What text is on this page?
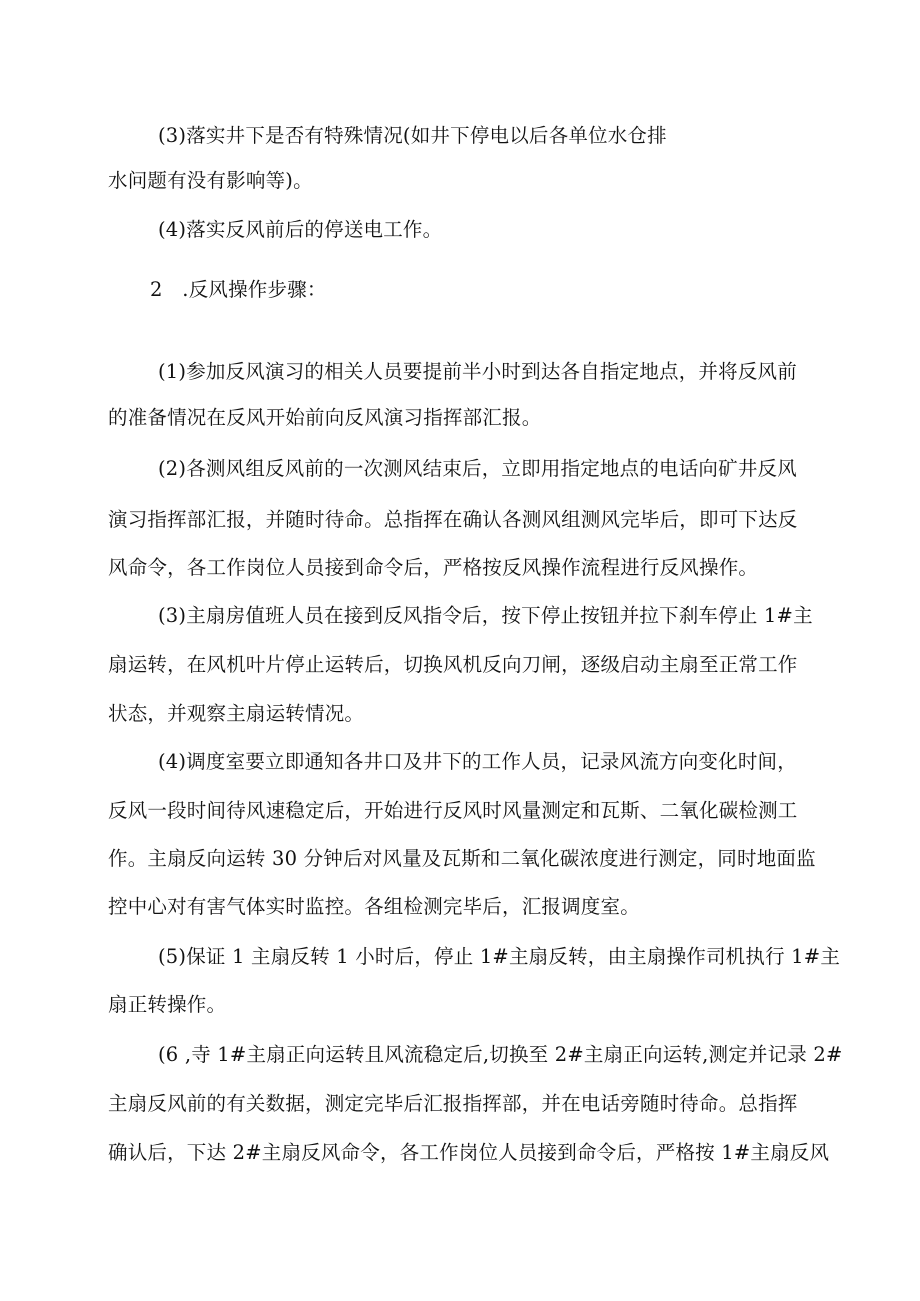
(3)落实井下是否有特殊情况(如井下停电以后各单位水仓排
水问题有没有影响等)。
(4)落实反风前后的停送电工作。
2　.反风操作步骤：
(1)参加反风演习的相关人员要提前半小时到达各自指定地点，并将反风前
的准备情况在反风开始前向反风演习指挥部汇报。
(2)各测风组反风前的一次测风结束后，立即用指定地点的电话向矿井反风
演习指挥部汇报，并随时待命。总指挥在确认各测风组测风完毕后，即可下达反
风命令，各工作岗位人员接到命令后，严格按反风操作流程进行反风操作。
(3)主扇房值班人员在接到反风指令后，按下停止按钮并拉下刹车停止 1#主
扇运转，在风机叶片停止运转后，切换风机反向刀闸，逐级启动主扇至正常工作
状态，并观察主扇运转情况。
(4)调度室要立即通知各井口及井下的工作人员，记录风流方向变化时间，
反风一段时间待风速稳定后，开始进行反风时风量测定和瓦斯、二氧化碳检测工
作。主扇反向运转 30 分钟后对风量及瓦斯和二氧化碳浓度进行测定，同时地面监
控中心对有害气体实时监控。各组检测完毕后，汇报调度室。
(5)保证 1 主扇反转 1 小时后，停止 1#主扇反转，由主扇操作司机执行 1#主
扇正转操作。
(6 ,寺 1#主扇正向运转且风流稳定后,切换至 2#主扇正向运转,测定并记录 2#
主扇反风前的有关数据，测定完毕后汇报指挥部，并在电话旁随时待命。总指挥
确认后，下达 2#主扇反风命令，各工作岗位人员接到命令后，严格按 1#主扇反风
